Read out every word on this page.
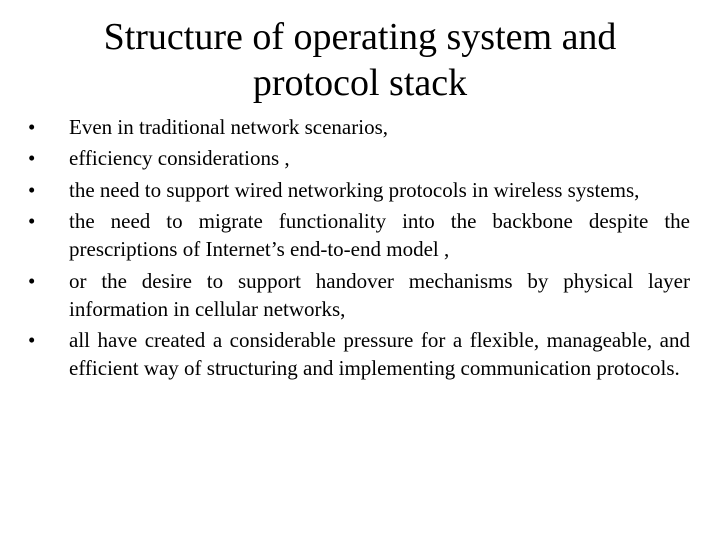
Structure of operating system and
protocol stack
•	Even in traditional network scenarios,
•	efficiency considerations ,
•	the need to support wired networking protocols in wireless systems,
•	the need to migrate functionality into the backbone despite the prescriptions of Internet’s end-to-end model ,
•	or the desire to support handover mechanisms by physical layer information in cellular networks,
•	all have created a considerable pressure for a flexible, manageable, and efficient way of structuring and implementing communication protocols.
